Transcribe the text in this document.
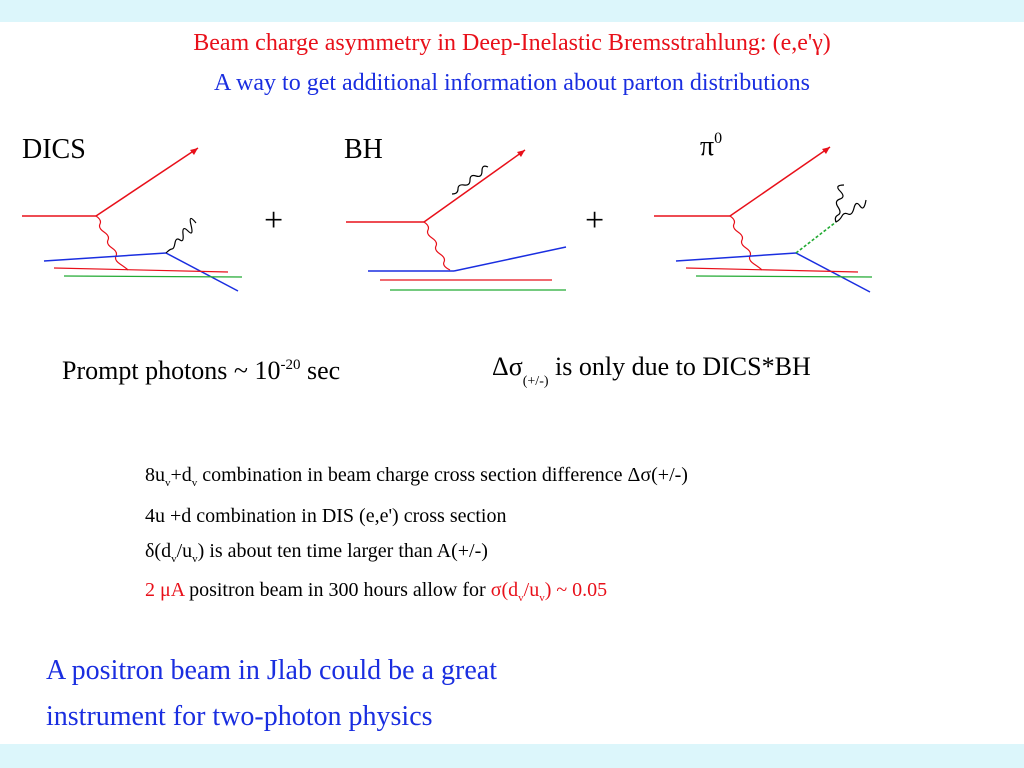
Beam charge asymmetry in Deep-Inelastic Bremsstrahlung: (e,e'γ)
A way to get additional information about parton distributions
DICS	BH	$\pi^0$
+	+
Prompt photons ~ $10^{-20}$ sec	$\Delta\sigma_{(+/-)}$ is only due to DICS*BH
$8u_v+d_v$ combination in beam charge cross section difference Δσ(+/-)
4u +d combination in DIS (e,e') cross section
$\delta(d_v/u_v)$ is about ten time larger than A(+/-)
2 μA positron beam in 300 hours allow for $\sigma(d_v/u_v)$ ~ 0.05
A positron beam in Jlab could be a great
instrument for two-photon physics
